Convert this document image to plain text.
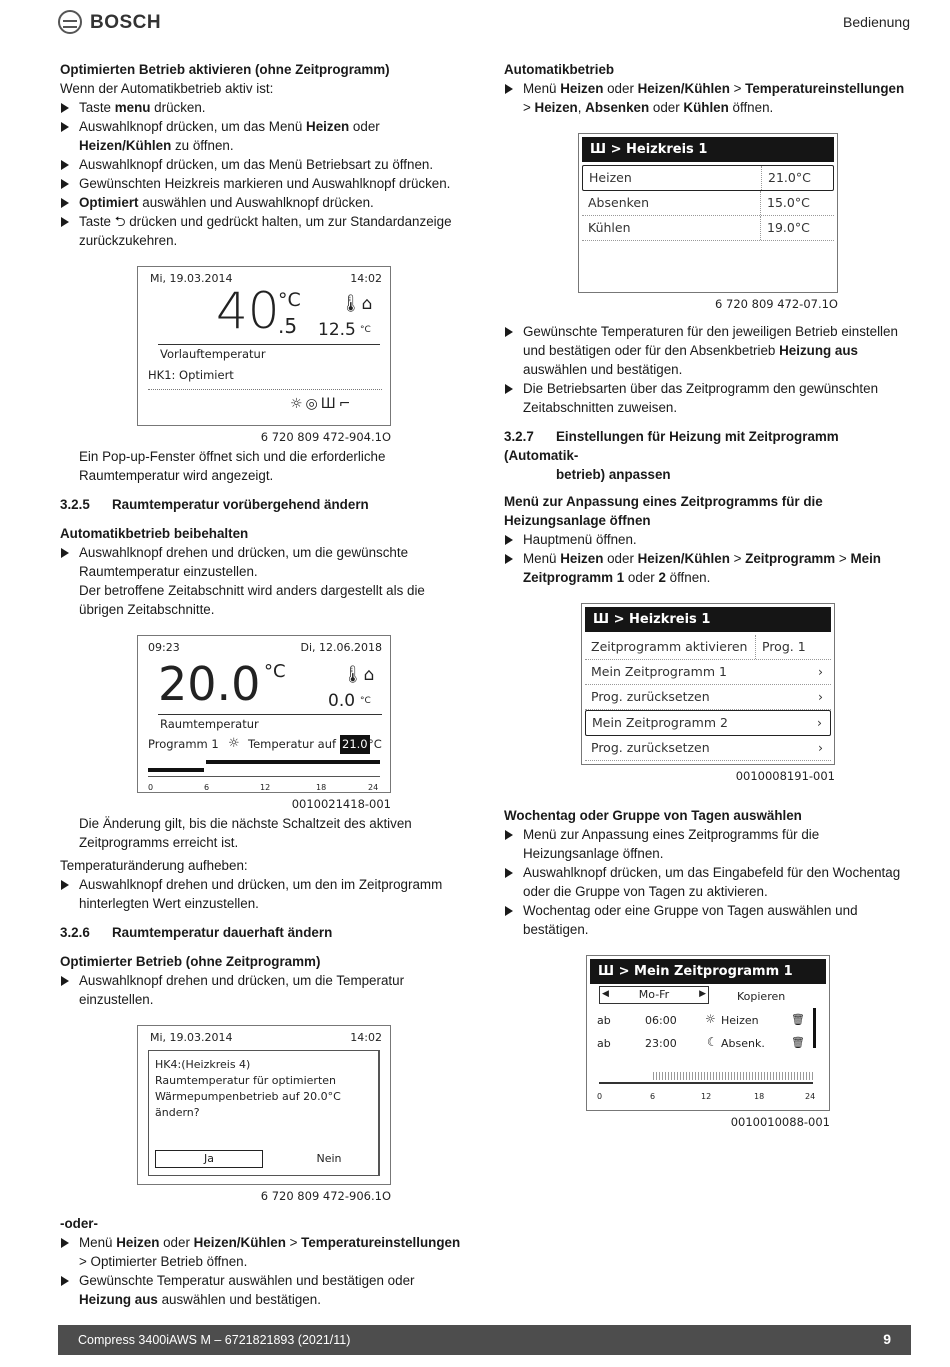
BOSCH	Bedienung

Optimierten Betrieb aktivieren (ohne Zeitprogramm)

Wenn der Automatikbetrieb aktiv ist:

Taste menu drücken.

Auswahlknopf drücken, um das Menü Heizen oder Heizen/Kühlen zu öffnen.

Auswahlknopf drücken, um das Menü Betriebsart zu öffnen.

Gewünschten Heizkreis markieren und Auswahlknopf drücken.

Optimiert auswählen und Auswahlknopf drücken.

Taste ⮌ drücken und gedrückt halten, um zur Standardanzeige zurückzukehren.

Mi, 19.03.2014	14:02
40
°C
.5
🌡⌂
12.5 °C
Vorlauftemperatur
HK1: Optimiert
☼◎Ш⌐
6 720 809 472-904.1O

Ein Pop-up-Fenster öffnet sich und die erforderliche Raumtemperatur wird angezeigt.

3.2.5 Raumtemperatur vorübergehend ändern

Automatikbetrieb beibehalten

Auswahlknopf drehen und drücken, um die gewünschte Raumtemperatur einzustellen.

Der betroffene Zeitabschnitt wird anders dargestellt als die übrigen Zeitabschnitte.

09:23	Di, 12.06.2018
20.0 °C	🌡⌂
0.0 °C
Raumtemperatur
Programm 1 ☼ Temperatur auf 21.0 °C
0	6	12	18	24
0010021418-001

Die Änderung gilt, bis die nächste Schaltzeit des aktiven Zeitprogramms erreicht ist.

Temperaturänderung aufheben:

Auswahlknopf drehen und drücken, um den im Zeitprogramm hinterlegten Wert einzustellen.

3.2.6 Raumtemperatur dauerhaft ändern

Optimierter Betrieb (ohne Zeitprogramm)

Auswahlknopf drehen und drücken, um die Temperatur einzustellen.

Mi, 19.03.2014	14:02
HK4:(Heizkreis 4)
Raumtemperatur für optimierten
Wärmepumpenbetrieb auf 20.0°C
ändern?
Ja	Nein
6 720 809 472-906.1O

-oder-

Menü Heizen oder Heizen/Kühlen > Temperatureinstellungen > Optimierter Betrieb öffnen.

Gewünschte Temperatur auswählen und bestätigen oder Heizung aus auswählen und bestätigen.

Automatikbetrieb

Menü Heizen oder Heizen/Kühlen > Temperatureinstellungen > Heizen, Absenken oder Kühlen öffnen.

Ш > Heizkreis 1
Heizen	21.0°C
Absenken	15.0°C
Kühlen	19.0°C
6 720 809 472-07.1O

Gewünschte Temperaturen für den jeweiligen Betrieb einstellen und bestätigen oder für den Absenkbetrieb Heizung aus auswählen und bestätigen.

Die Betriebsarten über das Zeitprogramm den gewünschten Zeitabschnitten zuweisen.

3.2.7 Einstellungen für Heizung mit Zeitprogramm (Automatik-

betrieb) anpassen

Menü zur Anpassung eines Zeitprogramms für die Heizungsanlage öffnen

Hauptmenü öffnen.

Menü Heizen oder Heizen/Kühlen > Zeitprogramm > Mein Zeitprogramm 1 oder 2 öffnen.

Ш > Heizkreis 1
Zeitprogramm aktivieren	Prog. 1
Mein Zeitprogramm 1	›
Prog. zurücksetzen	›
Mein Zeitprogramm 2	›
Prog. zurücksetzen	›
0010008191-001

Wochentag oder Gruppe von Tagen auswählen

Menü zur Anpassung eines Zeitprogramms für die Heizungsanlage öffnen.

Auswahlknopf drücken, um das Eingabefeld für den Wochentag oder die Gruppe von Tagen zu aktivieren.

Wochentag oder eine Gruppe von Tagen auswählen und bestätigen.

Ш > Mein Zeitprogramm 1
◀	Mo-Fr	▶	Kopieren
ab	06:00 ☼ Heizen	🗑
ab	23:00	☾ Absenk. 🗑
0	6	12	18	24
0010010088-001
Compress 3400iAWS M – 6721821893 (2021/11)	9
